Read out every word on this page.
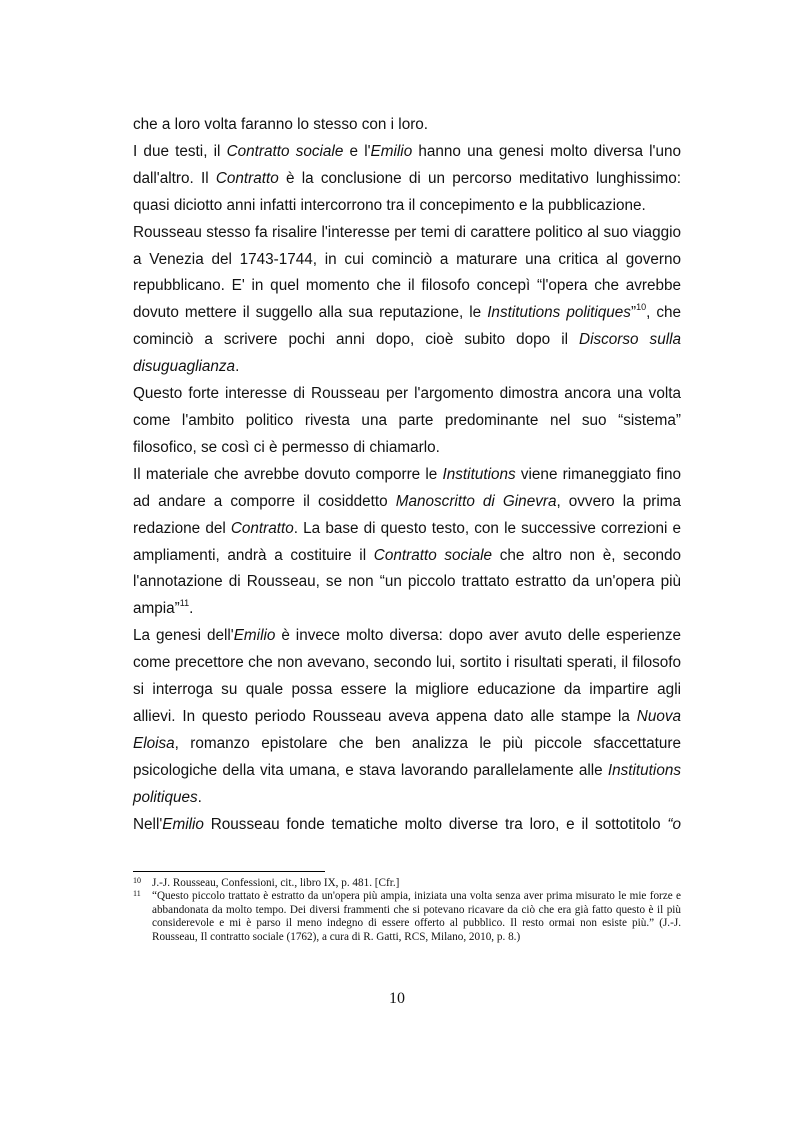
che a loro volta faranno lo stesso con i loro.

I due testi, il Contratto sociale e l'Emilio hanno una genesi molto diversa l'uno dall'altro. Il Contratto è la conclusione di un percorso meditativo lunghissimo: quasi diciotto anni infatti intercorrono tra il concepimento e la pubblicazione.

Rousseau stesso fa risalire l'interesse per temi di carattere politico al suo viaggio a Venezia del 1743-1744, in cui cominciò a maturare una critica al governo repubblicano. E' in quel momento che il filosofo concepì “l'opera che avrebbe dovuto mettere il suggello alla sua reputazione, le Institutions politiques”$^{10}$, che cominciò a scrivere pochi anni dopo, cioè subito dopo il Discorso sulla disuguaglianza.

Questo forte interesse di Rousseau per l'argomento dimostra ancora una volta come l'ambito politico rivesta una parte predominante nel suo “sistema” filosofico, se così ci è permesso di chiamarlo.

Il materiale che avrebbe dovuto comporre le Institutions viene rimaneggiato fino ad andare a comporre il cosiddetto Manoscritto di Ginevra, ovvero la prima redazione del Contratto. La base di questo testo, con le successive correzioni e ampliamenti, andrà a costituire il Contratto sociale che altro non è, secondo l'annotazione di Rousseau, se non “un piccolo trattato estratto da un'opera più ampia”$^{11}$.

La genesi dell'Emilio è invece molto diversa: dopo aver avuto delle esperienze come precettore che non avevano, secondo lui, sortito i risultati sperati, il filosofo si interroga su quale possa essere la migliore educazione da impartire agli allievi. In questo periodo Rousseau aveva appena dato alle stampe la Nuova Eloisa, romanzo epistolare che ben analizza le più piccole sfaccettature psicologiche della vita umana, e stava lavorando parallelamente alle Institutions politiques.

Nell'Emilio Rousseau fonde tematiche molto diverse tra loro, e il sottotitolo “o

10 J.-J. Rousseau, Confessioni, cit., libro IX, p. 481. [Cfr.]

11 “Questo piccolo trattato è estratto da un'opera più ampia, iniziata una volta senza aver prima misurato le mie forze e abbandonata da molto tempo. Dei diversi frammenti che si potevano ricavare da ciò che era già fatto questo è il più considerevole e mi è parso il meno indegno di essere offerto al pubblico. Il resto ormai non esiste più.” (J.-J. Rousseau, Il contratto sociale (1762), a cura di R. Gatti, RCS, Milano, 2010, p. 8.)

10
